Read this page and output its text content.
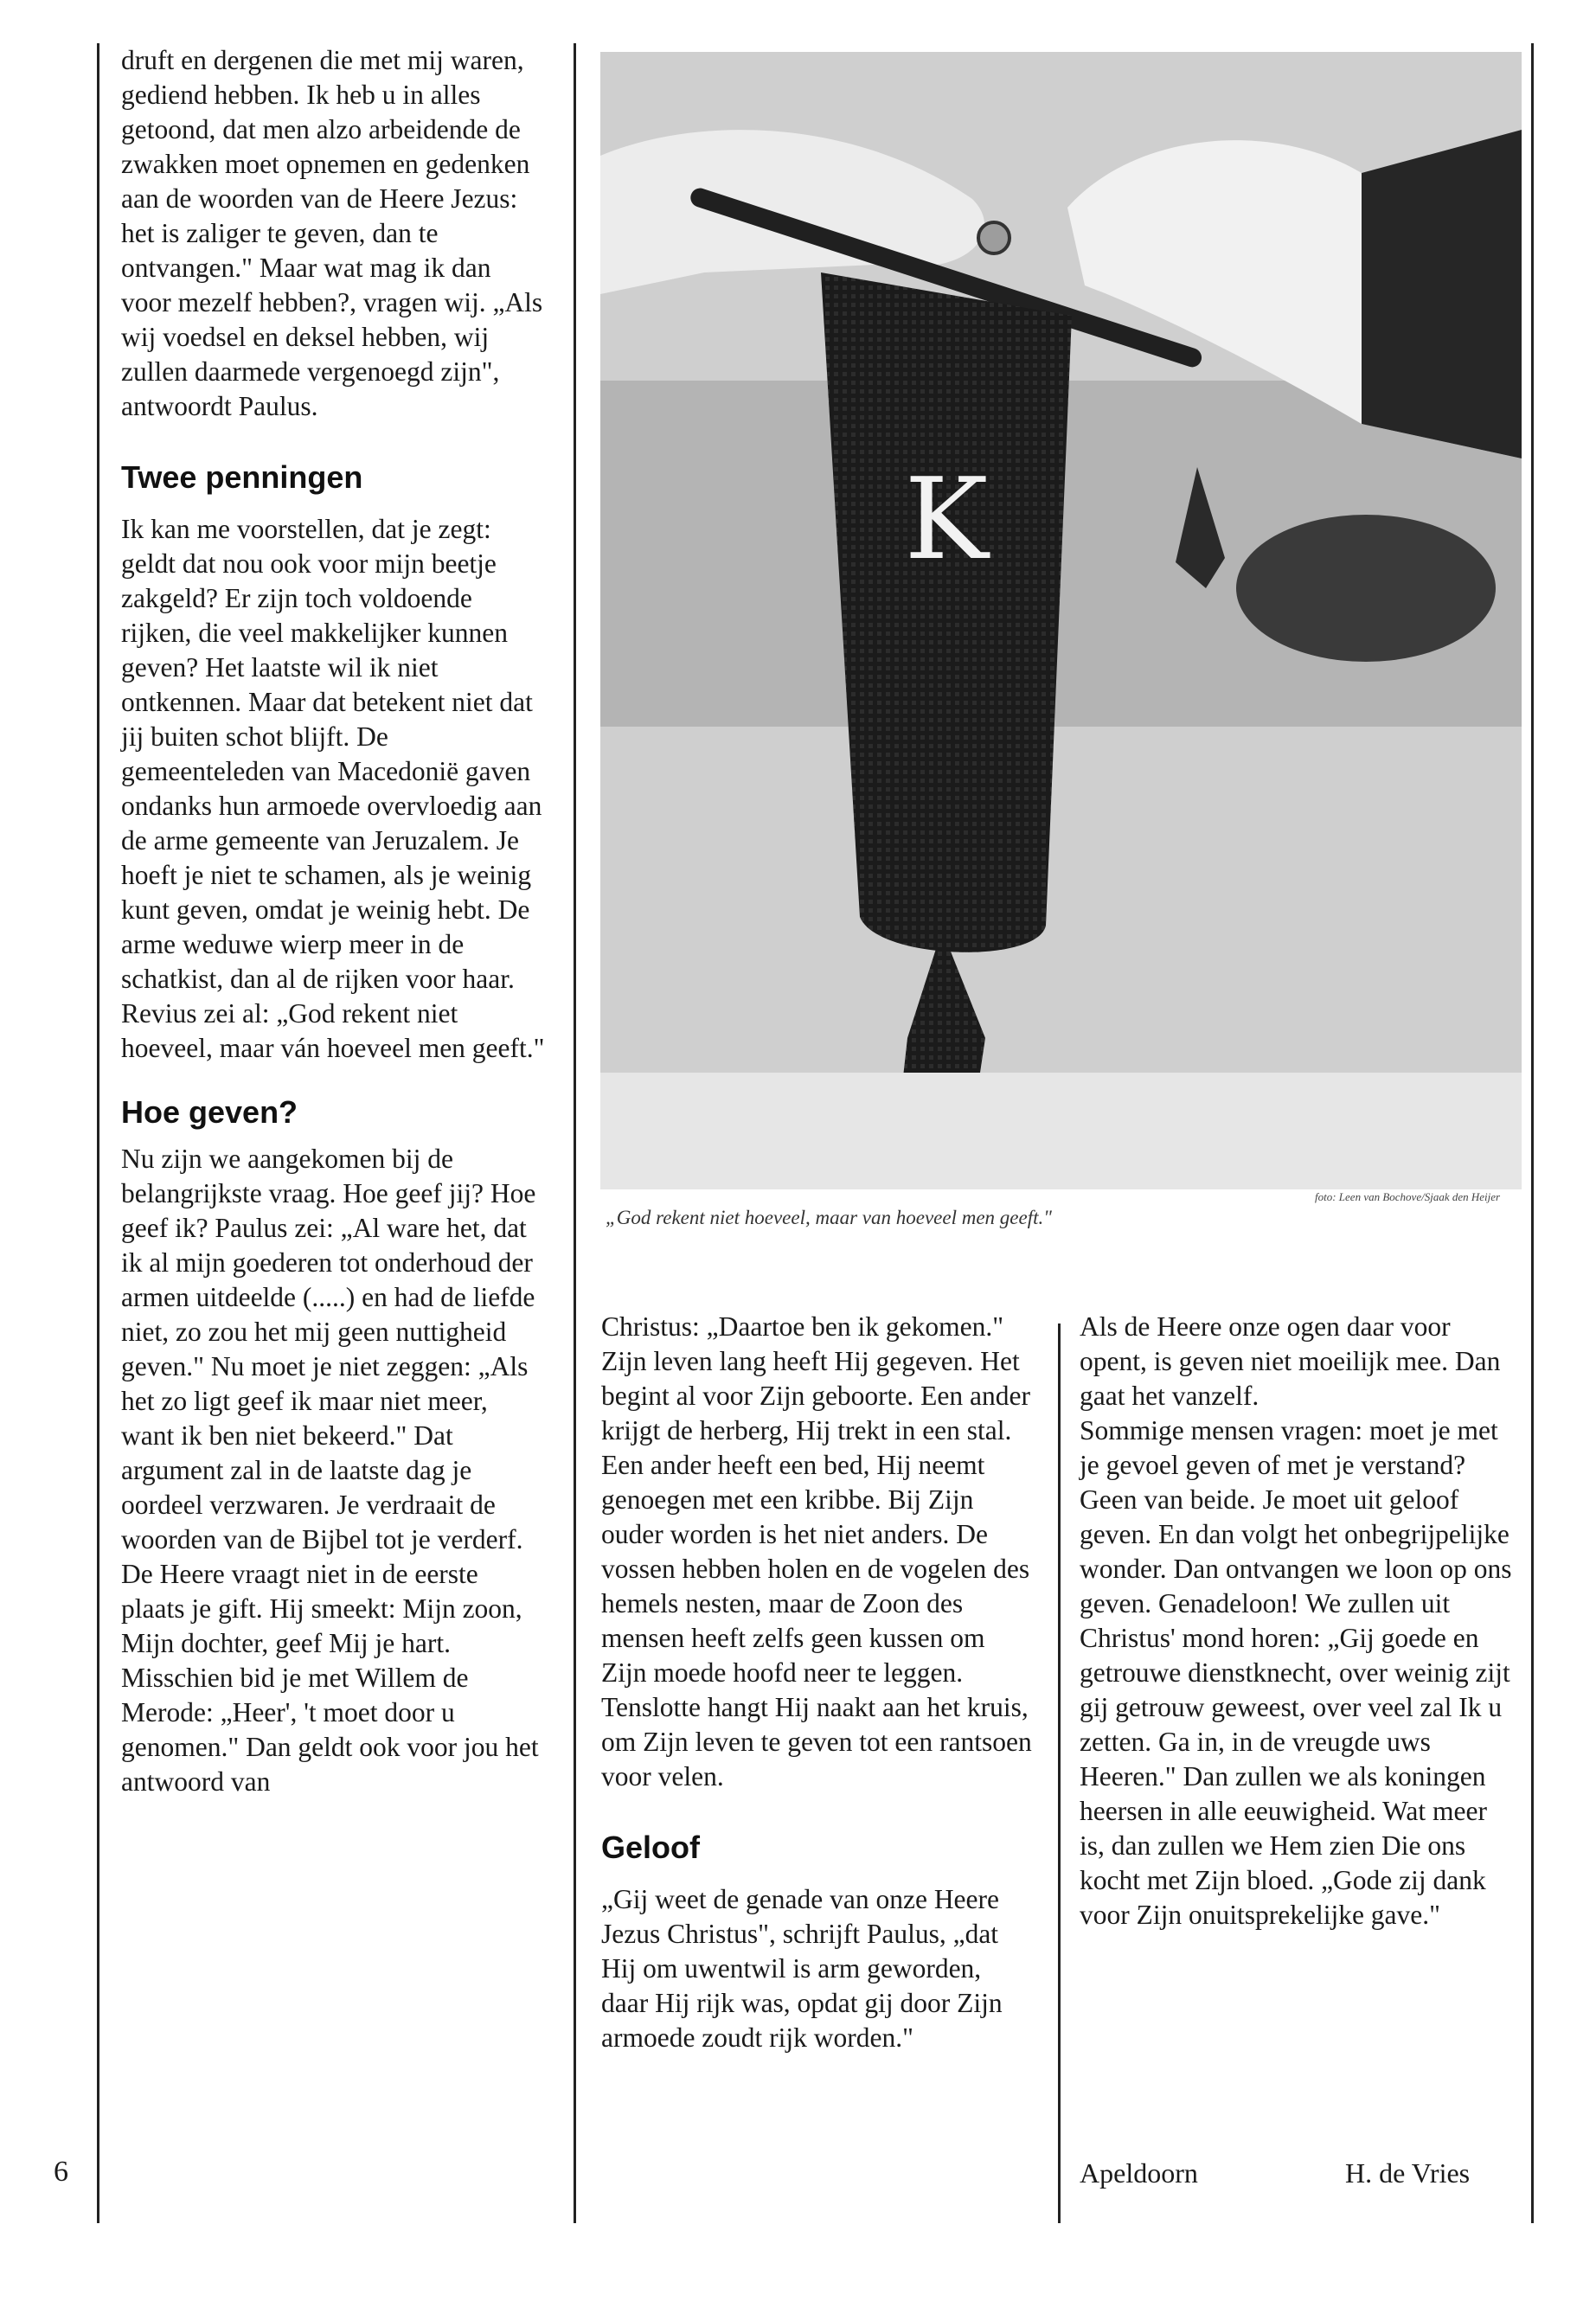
druft en dergenen die met mij waren, gediend hebben. Ik heb u in alles getoond, dat men alzo arbeidende de zwakken moet opnemen en gedenken aan de woorden van de Heere Jezus: het is zaliger te geven, dan te ontvangen." Maar wat mag ik dan voor mezelf hebben?, vragen wij. „Als wij voedsel en deksel hebben, wij zullen daarmede vergenoegd zijn", antwoordt Paulus.

Twee penningen

Ik kan me voorstellen, dat je zegt: geldt dat nou ook voor mijn beetje zakgeld? Er zijn toch voldoende rijken, die veel makkelijker kunnen geven? Het laatste wil ik niet ontkennen. Maar dat betekent niet dat jij buiten schot blijft. De gemeenteleden van Macedonië gaven ondanks hun armoede overvloedig aan de arme gemeente van Jeruzalem. Je hoeft je niet te schamen, als je weinig kunt geven, omdat je weinig hebt. De arme weduwe wierp meer in de schatkist, dan al de rijken voor haar. Revius zei al: „God rekent niet hoeveel, maar ván hoeveel men geeft."

Hoe geven?

Nu zijn we aangekomen bij de belangrijkste vraag. Hoe geef jij? Hoe geef ik? Paulus zei: „Al ware het, dat ik al mijn goederen tot onderhoud der armen uitdeelde (.....) en had de liefde niet, zo zou het mij geen nuttigheid geven." Nu moet je niet zeggen: „Als het zo ligt geef ik maar niet meer, want ik ben niet bekeerd." Dat argument zal in de laatste dag je oordeel verzwaren. Je verdraait de woorden van de Bijbel tot je verderf.

De Heere vraagt niet in de eerste plaats je gift. Hij smeekt: Mijn zoon, Mijn dochter, geef Mij je hart. Misschien bid je met Willem de Merode: „Heer', 't moet door u genomen." Dan geldt ook voor jou het antwoord van

K
foto: Leen van Bochove/Sjaak den Heijer
„God rekent niet hoeveel, maar van hoeveel men geeft."

Christus: „Daartoe ben ik gekomen."

Zijn leven lang heeft Hij gegeven. Het begint al voor Zijn geboorte. Een ander krijgt de herberg, Hij trekt in een stal. Een ander heeft een bed, Hij neemt genoegen met een kribbe. Bij Zijn ouder worden is het niet anders. De vossen hebben holen en de vogelen des hemels nesten, maar de Zoon des mensen heeft zelfs geen kussen om Zijn moede hoofd neer te leggen. Tenslotte hangt Hij naakt aan het kruis, om Zijn leven te geven tot een rantsoen voor velen.

Geloof

„Gij weet de genade van onze Heere Jezus Christus", schrijft Paulus, „dat Hij om uwentwil is arm geworden, daar Hij rijk was, opdat gij door Zijn armoede zoudt rijk worden."

Als de Heere onze ogen daar voor opent, is geven niet moeilijk mee. Dan gaat het vanzelf.

Sommige mensen vragen: moet je met je gevoel geven of met je verstand? Geen van beide. Je moet uit geloof geven. En dan volgt het onbegrijpelijke wonder. Dan ontvangen we loon op ons geven. Genadeloon! We zullen uit Christus' mond horen: „Gij goede en getrouwe dienstknecht, over weinig zijt gij getrouw geweest, over veel zal Ik u zetten. Ga in, in de vreugde uws Heeren." Dan zullen we als koningen heersen in alle eeuwigheid. Wat meer is, dan zullen we Hem zien Die ons kocht met Zijn bloed. „Gode zij dank voor Zijn onuitsprekelijke gave."

6	Apeldoorn	H. de Vries
